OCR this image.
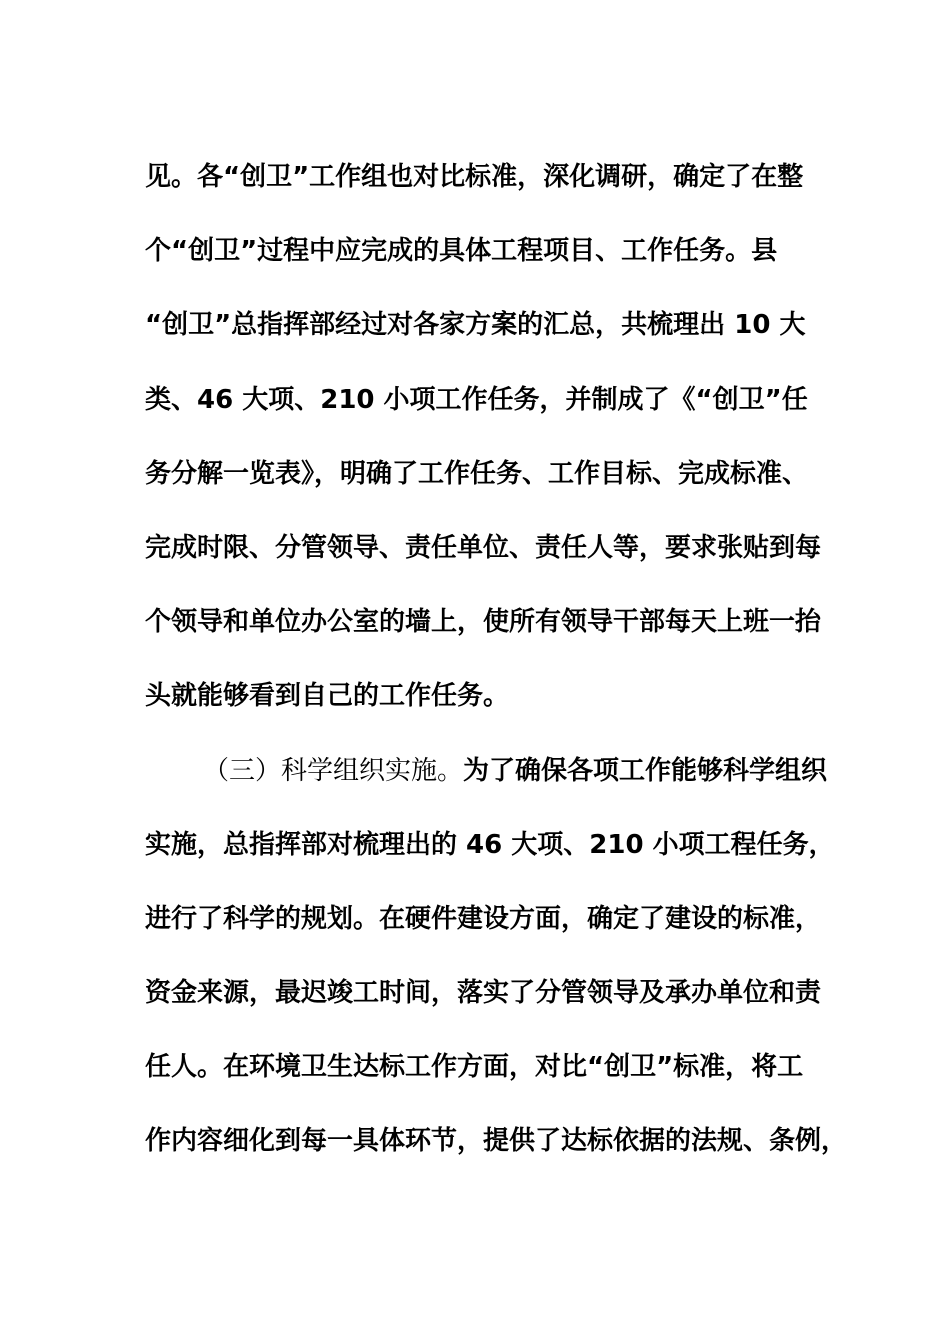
见。各“创卫”工作组也对比标准，深化调研，确定了在整
个“创卫”过程中应完成的具体工程项目、工作任务。县
“创卫”总指挥部经过对各家方案的汇总，共梳理出 10 大
类、46 大项、210 小项工作任务，并制成了《“创卫”任
务分解一览表》，明确了工作任务、工作目标、完成标准、
完成时限、分管领导、责任单位、责任人等，要求张贴到每
个领导和单位办公室的墙上，使所有领导干部每天上班一抬
头就能够看到自己的工作任务。
（三）科学组织实施。为了确保各项工作能够科学组织
实施，总指挥部对梳理出的 46 大项、210 小项工程任务，
进行了科学的规划。在硬件建设方面，确定了建设的标准，
资金来源，最迟竣工时间，落实了分管领导及承办单位和责
任人。在环境卫生达标工作方面，对比“创卫”标准，将工
作内容细化到每一具体环节，提供了达标依据的法规、条例，
